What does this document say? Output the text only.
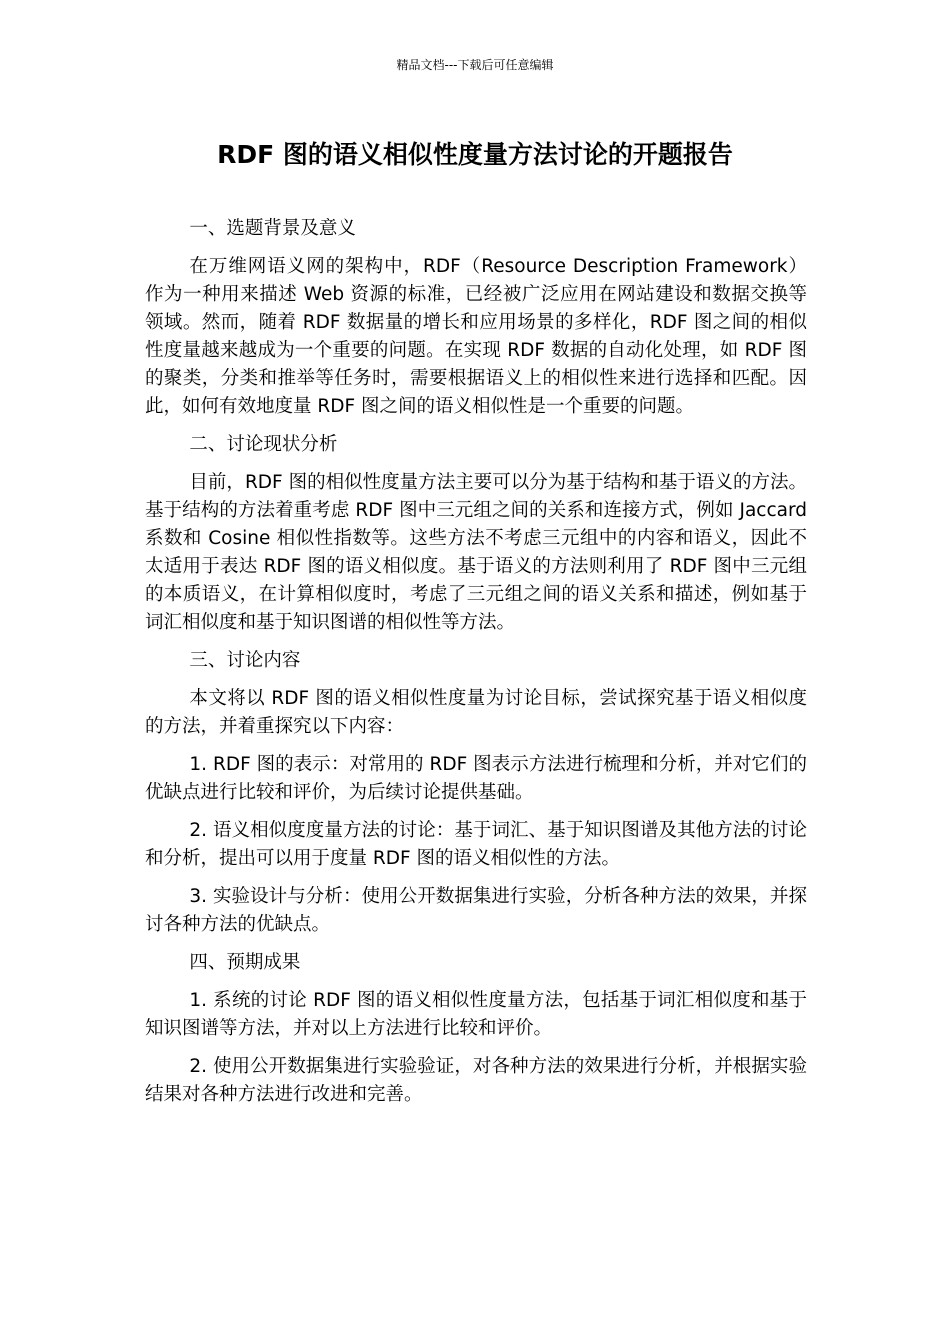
精品文档---下载后可任意编辑
RDF 图的语义相似性度量方法讨论的开题报告

一、选题背景及意义

在万维网语义网的架构中，RDF（Resource Description Framework）作为一种用来描述 Web 资源的标准，已经被广泛应用在网站建设和数据交换等领域。然而，随着 RDF 数据量的增长和应用场景的多样化，RDF 图之间的相似性度量越来越成为一个重要的问题。在实现 RDF 数据的自动化处理，如 RDF 图的聚类，分类和推举等任务时，需要根据语义上的相似性来进行选择和匹配。因此，如何有效地度量 RDF 图之间的语义相似性是一个重要的问题。

二、讨论现状分析

目前，RDF 图的相似性度量方法主要可以分为基于结构和基于语义的方法。基于结构的方法着重考虑 RDF 图中三元组之间的关系和连接方式，例如 Jaccard 系数和 Cosine 相似性指数等。这些方法不考虑三元组中的内容和语义，因此不太适用于表达 RDF 图的语义相似度。基于语义的方法则利用了 RDF 图中三元组的本质语义，在计算相似度时，考虑了三元组之间的语义关系和描述，例如基于词汇相似度和基于知识图谱的相似性等方法。

三、讨论内容

本文将以 RDF 图的语义相似性度量为讨论目标，尝试探究基于语义相似度的方法，并着重探究以下内容：

1. RDF 图的表示：对常用的 RDF 图表示方法进行梳理和分析，并对它们的优缺点进行比较和评价，为后续讨论提供基础。

2. 语义相似度度量方法的讨论：基于词汇、基于知识图谱及其他方法的讨论和分析，提出可以用于度量 RDF 图的语义相似性的方法。

3. 实验设计与分析：使用公开数据集进行实验，分析各种方法的效果，并探讨各种方法的优缺点。

四、预期成果

1. 系统的讨论 RDF 图的语义相似性度量方法，包括基于词汇相似度和基于知识图谱等方法，并对以上方法进行比较和评价。

2. 使用公开数据集进行实验验证，对各种方法的效果进行分析，并根据实验结果对各种方法进行改进和完善。
